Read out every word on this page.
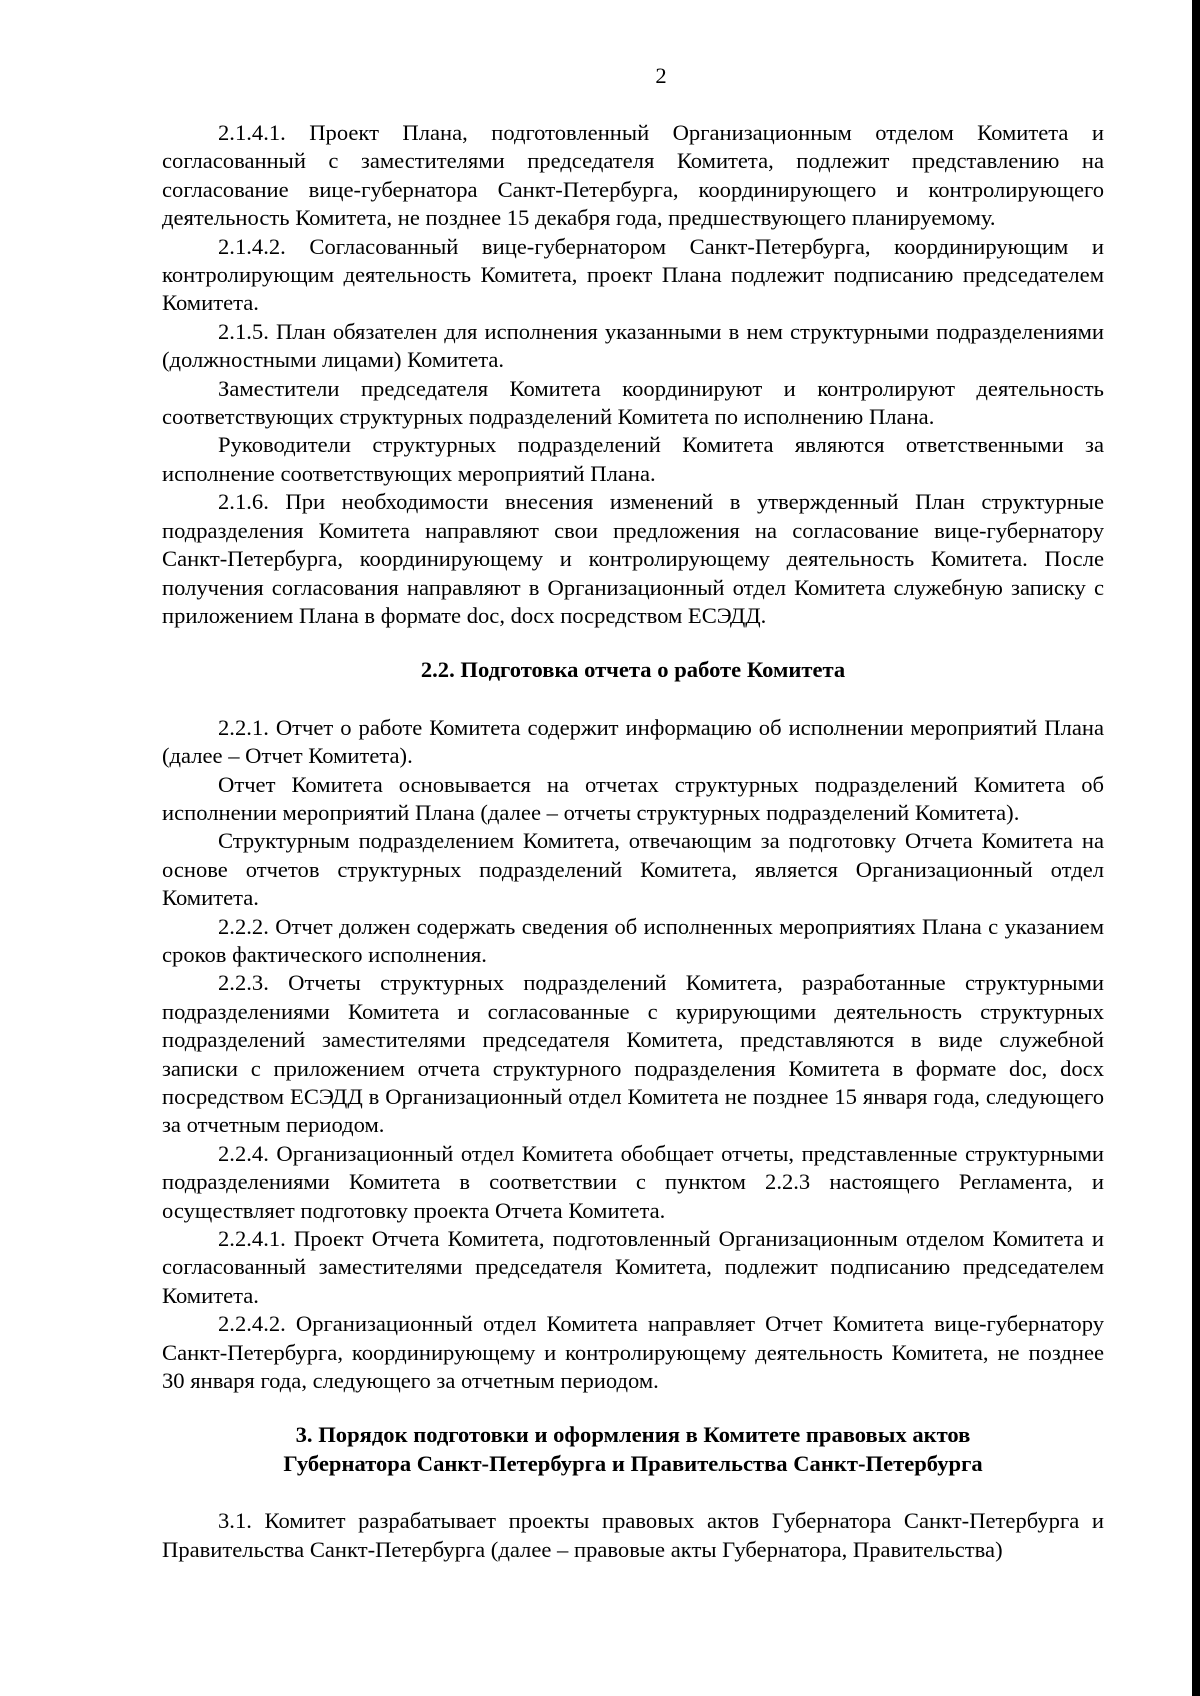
2

2.1.4.1. Проект Плана, подготовленный Организационным отделом Комитета и согласованный с заместителями председателя Комитета, подлежит представлению на согласование вице-губернатора Санкт-Петербурга, координирующего и контролирующего деятельность Комитета, не позднее 15 декабря года, предшествующего планируемому.

2.1.4.2. Согласованный вице-губернатором Санкт-Петербурга, координирующим и контролирующим деятельность Комитета, проект Плана подлежит подписанию председателем Комитета.

2.1.5. План обязателен для исполнения указанными в нем структурными подразделениями (должностными лицами) Комитета.

Заместители председателя Комитета координируют и контролируют деятельность соответствующих структурных подразделений Комитета по исполнению Плана.

Руководители структурных подразделений Комитета являются ответственными за исполнение соответствующих мероприятий Плана.

2.1.6. При необходимости внесения изменений в утвержденный План структурные подразделения Комитета направляют свои предложения на согласование вице-губернатору Санкт-Петербурга, координирующему и контролирующему деятельность Комитета. После получения согласования направляют в Организационный отдел Комитета служебную записку с приложением Плана в формате doc, docx посредством ЕСЭДД.

2.2. Подготовка отчета о работе Комитета

2.2.1. Отчет о работе Комитета содержит информацию об исполнении мероприятий Плана (далее – Отчет Комитета).

Отчет Комитета основывается на отчетах структурных подразделений Комитета об исполнении мероприятий Плана (далее – отчеты структурных подразделений Комитета).

Структурным подразделением Комитета, отвечающим за подготовку Отчета Комитета на основе отчетов структурных подразделений Комитета, является Организационный отдел Комитета.

2.2.2. Отчет должен содержать сведения об исполненных мероприятиях Плана с указанием сроков фактического исполнения.

2.2.3. Отчеты структурных подразделений Комитета, разработанные структурными подразделениями Комитета и согласованные с курирующими деятельность структурных подразделений заместителями председателя Комитета, представляются в виде служебной записки с приложением отчета структурного подразделения Комитета в формате doc, docx посредством ЕСЭДД в Организационный отдел Комитета не позднее 15 января года, следующего за отчетным периодом.

2.2.4. Организационный отдел Комитета обобщает отчеты, представленные структурными подразделениями Комитета в соответствии с пунктом 2.2.3 настоящего Регламента, и осуществляет подготовку проекта Отчета Комитета.

2.2.4.1. Проект Отчета Комитета, подготовленный Организационным отделом Комитета и согласованный заместителями председателя Комитета, подлежит подписанию председателем Комитета.

2.2.4.2. Организационный отдел Комитета направляет Отчет Комитета вице-губернатору Санкт-Петербурга, координирующему и контролирующему деятельность Комитета, не позднее 30 января года, следующего за отчетным периодом.

3. Порядок подготовки и оформления в Комитете правовых актов
Губернатора Санкт-Петербурга и Правительства Санкт-Петербурга

3.1. Комитет разрабатывает проекты правовых актов Губернатора Санкт-Петербурга и Правительства Санкт-Петербурга (далее – правовые акты Губернатора, Правительства)
